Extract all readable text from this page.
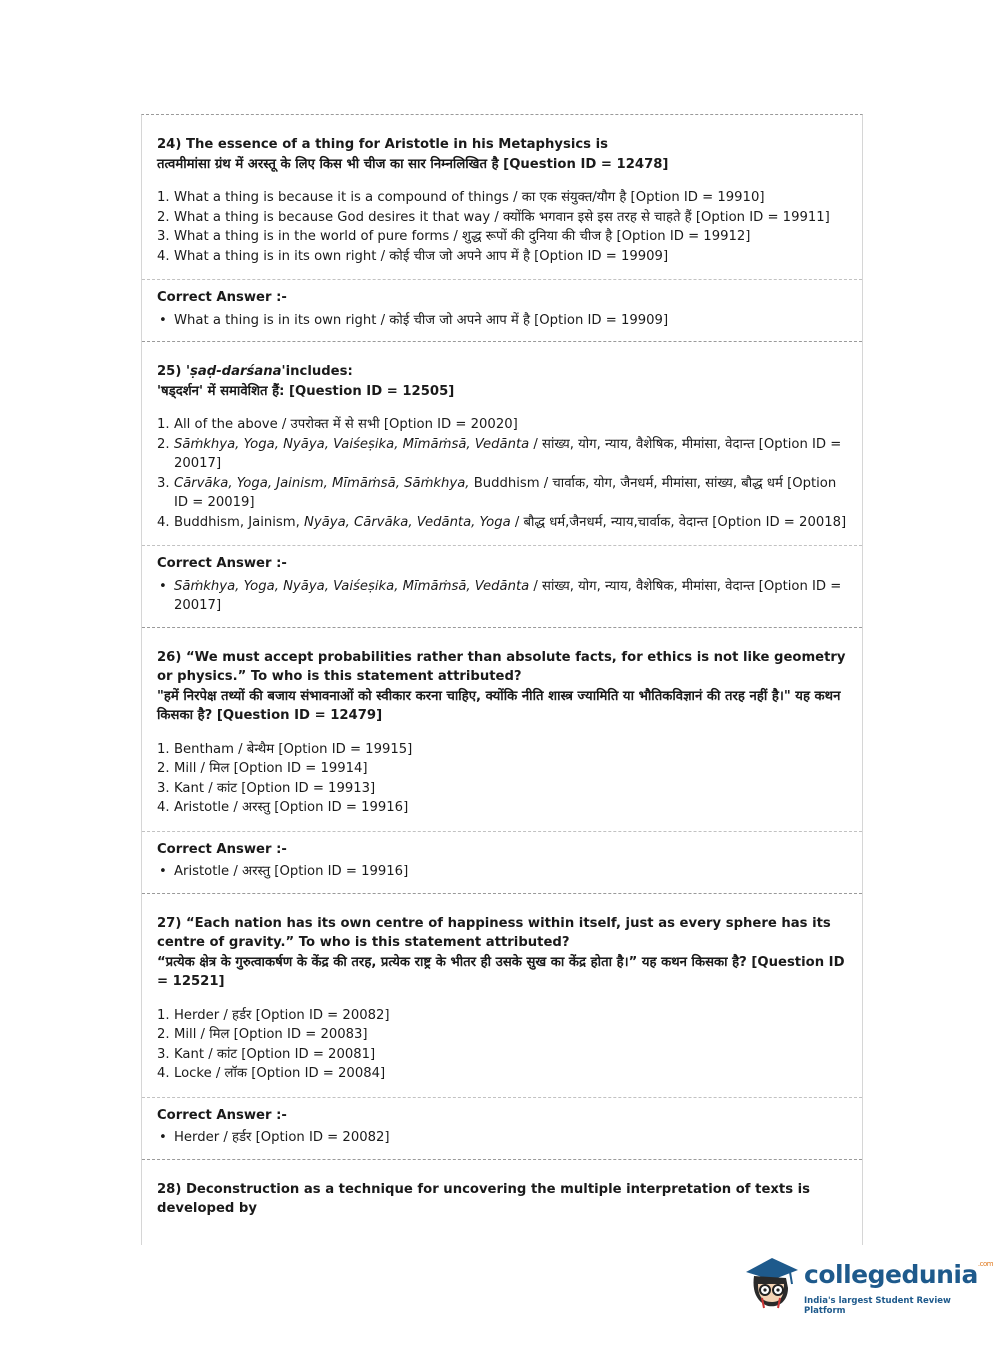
24) The essence of a thing for Aristotle in his Metaphysics is
तत्वमीमांसा ग्रंथ में अरस्तू के लिए किस भी चीज का सार निम्नलिखित है [Question ID = 12478]
1. What a thing is because it is a compound of things / का एक संयुक्त/यौग है [Option ID = 19910]
2. What a thing is because God desires it that way / क्योंकि भगवान इसे इस तरह से चाहते हैं [Option ID = 19911]
3. What a thing is in the world of pure forms / शुद्ध रूपों की दुनिया की चीज है [Option ID = 19912]
4. What a thing is in its own right / कोई चीज जो अपने आप में है [Option ID = 19909]
Correct Answer :-
• What a thing is in its own right / कोई चीज जो अपने आप में है [Option ID = 19909]
25) 'ṣaḍ-darśana'includes:
'षड्दर्शन' में समावेशित हैं: [Question ID = 12505]
1. All of the above / उपरोक्त में से सभी [Option ID = 20020]
2. Sāṁkhya, Yoga, Nyāya, Vaiśeṣika, Mīmāṁsā, Vedānta / सांख्य, योग, न्याय, वैशेषिक, मीमांसा, वेदान्त [Option ID = 20017]
3. Cārvāka, Yoga, Jainism, Mīmāṁsā, Sāṁkhya, Buddhism / चार्वाक, योग, जैनधर्म, मीमांसा, सांख्य, बौद्ध धर्म [Option ID = 20019]
4. Buddhism, Jainism, Nyāya, Cārvāka, Vedānta, Yoga / बौद्ध धर्म,जैनधर्म, न्याय,चार्वाक, वेदान्त [Option ID = 20018]
Correct Answer :-
• Sāṁkhya, Yoga, Nyāya, Vaiśeṣika, Mīmāṁsā, Vedānta / सांख्य, योग, न्याय, वैशेषिक, मीमांसा, वेदान्त [Option ID = 20017]
26) “We must accept probabilities rather than absolute facts, for ethics is not like geometry or physics.” To who is this statement attributed?
"हमें निरपेक्ष तथ्यों की बजाय संभावनाओं को स्वीकार करना चाहिए, क्योंकि नीति शास्त्र ज्यामिति या भौतिकविज्ञानं की तरह नहीं है।" यह कथन किसका है? [Question ID = 12479]
1. Bentham / बेन्थैम [Option ID = 19915]
2. Mill / मिल [Option ID = 19914]
3. Kant / कांट [Option ID = 19913]
4. Aristotle / अरस्तु [Option ID = 19916]
Correct Answer :-
• Aristotle / अरस्तु [Option ID = 19916]
27) “Each nation has its own centre of happiness within itself, just as every sphere has its centre of gravity.” To who is this statement attributed?
“प्रत्येक क्षेत्र के गुरुत्वाकर्षण के केंद्र की तरह, प्रत्येक राष्ट्र के भीतर ही उसके सुख का केंद्र होता है।” यह कथन किसका है? [Question ID = 12521]
1. Herder / हर्डर [Option ID = 20082]
2. Mill / मिल [Option ID = 20083]
3. Kant / कांट [Option ID = 20081]
4. Locke / लॉक [Option ID = 20084]
Correct Answer :-
• Herder / हर्डर [Option ID = 20082]
28) Deconstruction as a technique for uncovering the multiple interpretation of texts is developed by
collegedunia$^{.com}$
India's largest Student Review Platform
